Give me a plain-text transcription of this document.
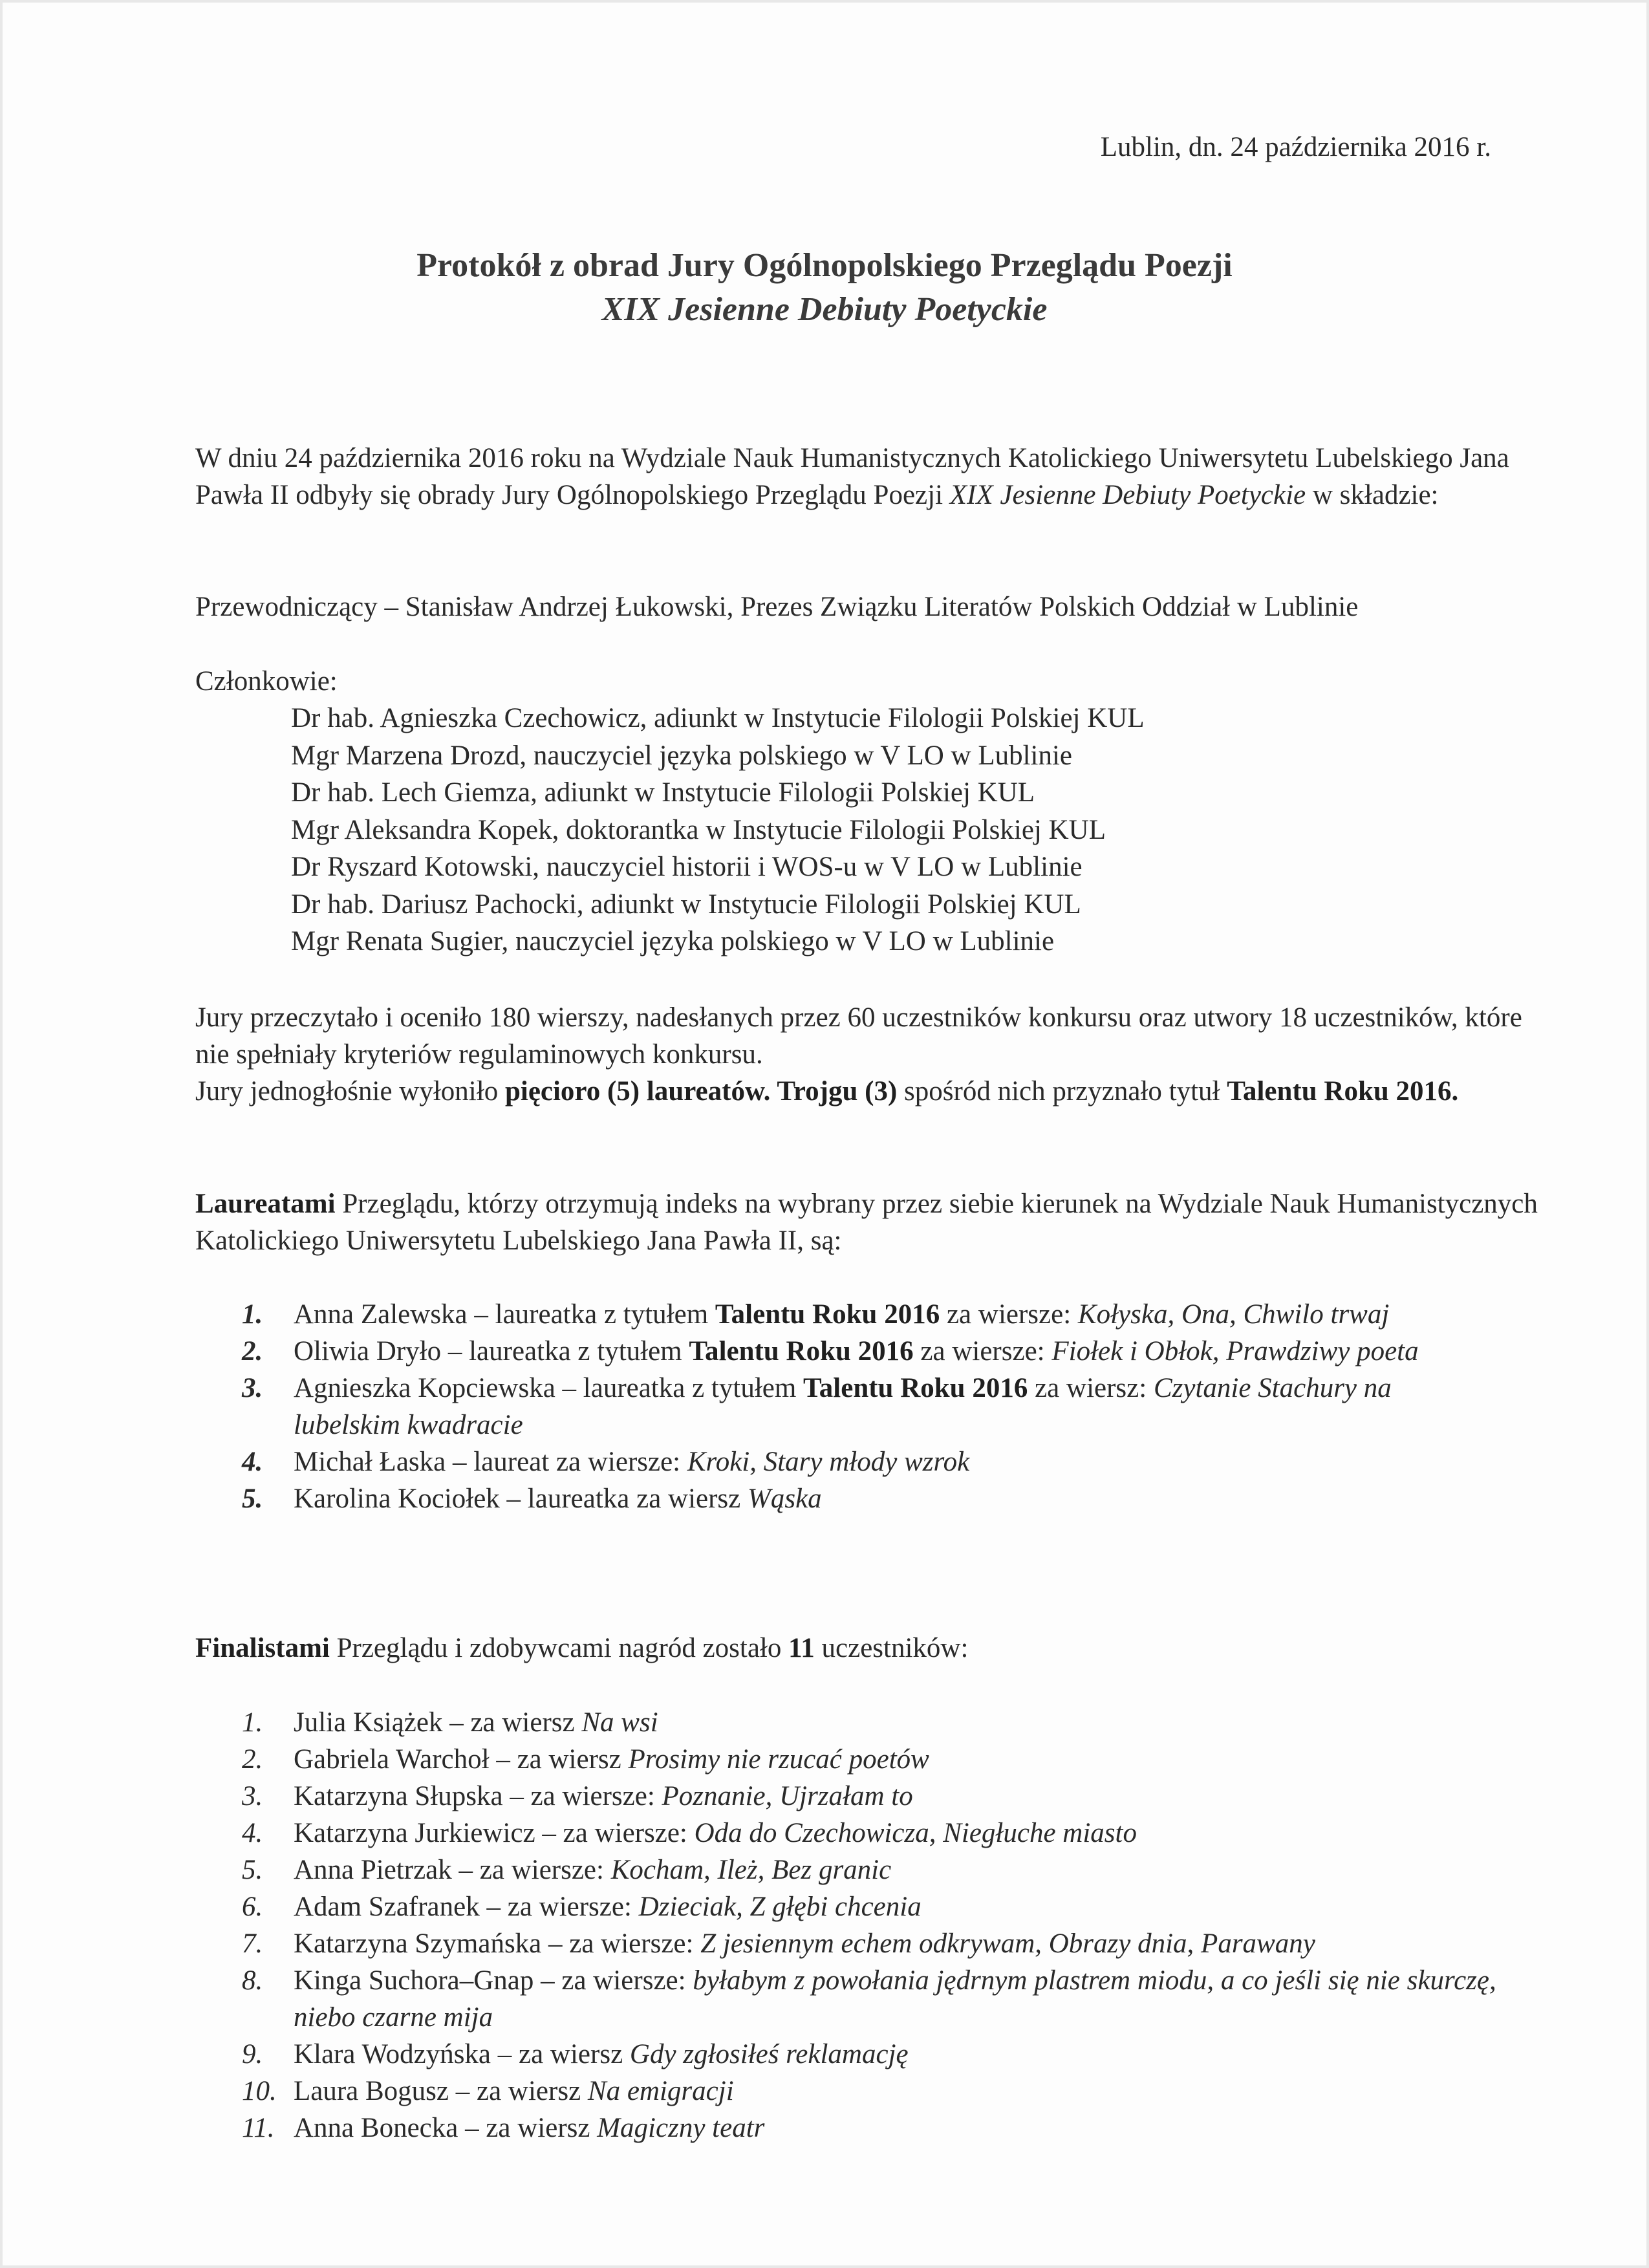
Lublin, dn. 24 października 2016 r.
Protokół z obrad Jury Ogólnopolskiego Przeglądu Poezji
XIX Jesienne Debiuty Poetyckie
W dniu 24 października 2016 roku na Wydziale Nauk Humanistycznych Katolickiego Uniwersytetu Lubelskiego Jana Pawła II odbyły się obrady Jury Ogólnopolskiego Przeglądu Poezji XIX Jesienne Debiuty Poetyckie w składzie:
Przewodniczący – Stanisław Andrzej Łukowski, Prezes Związku Literatów Polskich Oddział w Lublinie
Członkowie:
Dr hab. Agnieszka Czechowicz, adiunkt w Instytucie Filologii Polskiej KUL
Mgr Marzena Drozd, nauczyciel języka polskiego w V LO w Lublinie
Dr hab. Lech Giemza, adiunkt w Instytucie Filologii Polskiej KUL
Mgr Aleksandra Kopek, doktorantka w Instytucie Filologii Polskiej KUL
Dr Ryszard Kotowski, nauczyciel historii i WOS-u w V LO w Lublinie
Dr hab. Dariusz Pachocki, adiunkt w Instytucie Filologii Polskiej KUL
Mgr Renata Sugier, nauczyciel języka polskiego w V LO w Lublinie
Jury przeczytało i oceniło 180 wierszy, nadesłanych przez 60 uczestników konkursu oraz utwory 18 uczestników, które nie spełniały kryteriów regulaminowych konkursu.
Jury jednogłośnie wyłoniło pięcioro (5) laureatów. Trojgu (3) spośród nich przyznało tytuł Talentu Roku 2016.
Laureatami Przeglądu, którzy otrzymują indeks na wybrany przez siebie kierunek na Wydziale Nauk Humanistycznych Katolickiego Uniwersytetu Lubelskiego Jana Pawła II, są:
1. Anna Zalewska – laureatka z tytułem Talentu Roku 2016 za wiersze: Kołyska, Ona, Chwilo trwaj
2. Oliwia Dryło – laureatka z tytułem Talentu Roku 2016 za wiersze: Fiołek i Obłok, Prawdziwy poeta
3. Agnieszka Kopciewska – laureatka z tytułem Talentu Roku 2016 za wiersz: Czytanie Stachury na lubelskim kwadracie
4. Michał Łaska – laureat za wiersze: Kroki, Stary młody wzrok
5. Karolina Kociołek – laureatka za wiersz Wąska
Finalistami Przeglądu i zdobywcami nagród zostało 11 uczestników:
1. Julia Książek – za wiersz Na wsi
2. Gabriela Warchoł – za wiersz Prosimy nie rzucać poetów
3. Katarzyna Słupska – za wiersze: Poznanie, Ujrzałam to
4. Katarzyna Jurkiewicz – za wiersze: Oda do Czechowicza, Niegłuche miasto
5. Anna Pietrzak – za wiersze: Kocham, Ileż, Bez granic
6. Adam Szafranek – za wiersze: Dzieciak, Z głębi chcenia
7. Katarzyna Szymańska – za wiersze: Z jesiennym echem odkrywam, Obrazy dnia, Parawany
8. Kinga Suchora–Gnap – za wiersze: byłabym z powołania jędrnym plastrem miodu, a co jeśli się nie skurczę, niebo czarne mija
9. Klara Wodzyńska – za wiersz Gdy zgłosiłeś reklamację
10. Laura Bogusz – za wiersz Na emigracji
11. Anna Bonecka – za wiersz Magiczny teatr
